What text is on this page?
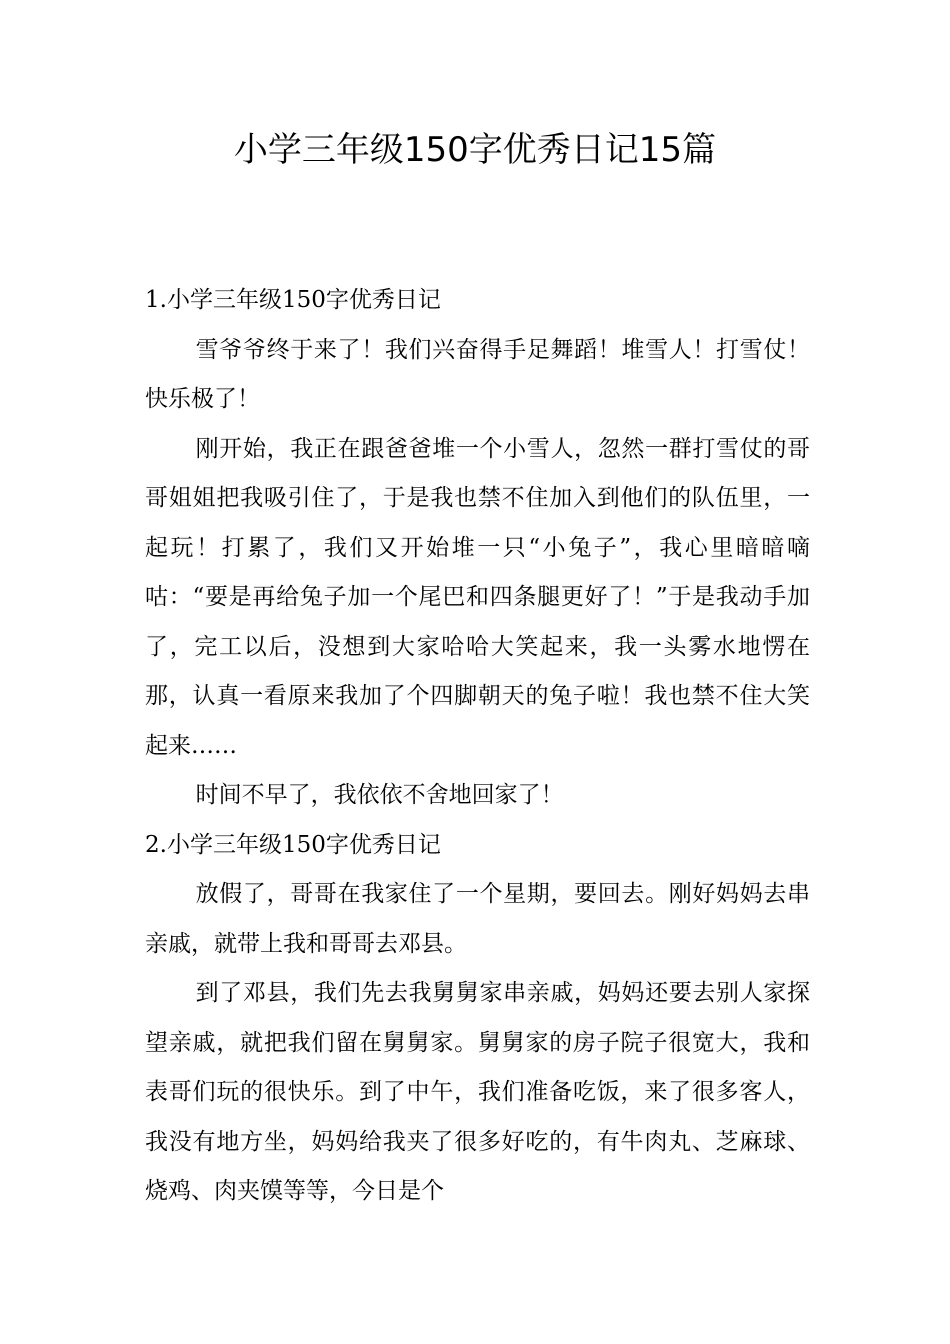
小学三年级150字优秀日记15篇

1.小学三年级150字优秀日记

雪爷爷终于来了！我们兴奋得手足舞蹈！堆雪人！打雪仗！快乐极了！

刚开始，我正在跟爸爸堆一个小雪人，忽然一群打雪仗的哥哥姐姐把我吸引住了，于是我也禁不住加入到他们的队伍里，一起玩！打累了，我们又开始堆一只“小兔子”，我心里暗暗嘀咕：“要是再给兔子加一个尾巴和四条腿更好了！”于是我动手加了，完工以后，没想到大家哈哈大笑起来，我一头雾水地愣在那，认真一看原来我加了个四脚朝天的兔子啦！我也禁不住大笑起来……

时间不早了，我依依不舍地回家了！

2.小学三年级150字优秀日记

放假了，哥哥在我家住了一个星期，要回去。刚好妈妈去串亲戚，就带上我和哥哥去邓县。

到了邓县，我们先去我舅舅家串亲戚，妈妈还要去别人家探望亲戚，就把我们留在舅舅家。舅舅家的房子院子很宽大，我和表哥们玩的很快乐。到了中午，我们准备吃饭，来了很多客人，我没有地方坐，妈妈给我夹了很多好吃的，有牛肉丸、芝麻球、烧鸡、肉夹馍等等，今日是个
